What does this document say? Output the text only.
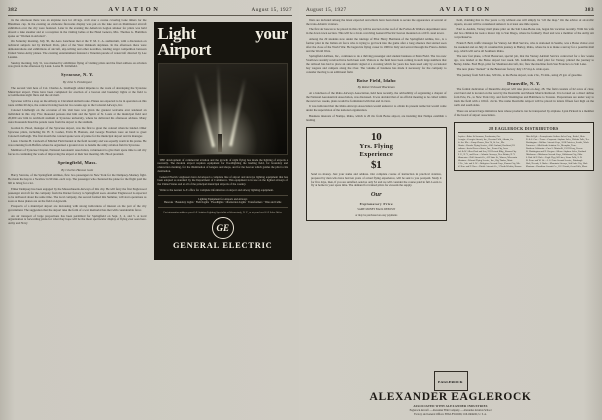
382	AVIATION	August 15, 1927

its the afternoon there was an airplane race for 40 kgs. craft over a course covering Lane timers for the Blandines cup. In the evening an elaborate fireworks display was put on the lake and an illuminated aircraft exhibition over the city were featured. Later in the evening the American Legion smoker for pilots was held aboard a lake steamer and at a reception in the visiting ladies at the Hotel Geneva, Mrs. Thomas G. Hamilton spoke on "Women in Aviation".

On Saturday morning, July 30, the Aero Luncheon met at the Y. M. C. A. auditorium, with a discussion on technical subjects led by Richard Peck, pilot of the West Oshkosh airplanes. In the afternoon there were demonstrations and exhibitions of aircraft, sky-writing and other novelties, landing target competition between United States Army planes. The evening entertainment featured a Venetian parade of watercraft directed by Lee Lauzkn.

Sunday morning, July 31, was marked by exhibition flying of visiting pilots and the final address on aviation was given in the afternoon by Lieut. Lorne H. Littlefield.

Syracuse, N. Y.
By John S. Pendergast

The second visit here of Col. Charles A. Lindbergh added impetus to the work of developing the Syracuse Municipal airport. Plans have been completed for erection of a beacon and boundary lights at the field to accommodate night fliers and the air mail.

Syracuse will be a stop on the Albany to Cleveland airmail route. Planes are expected to be in operation on this route within 60 days, the contract having been let two weeks ago to the Colonial Airways, Inc.

Colonel Lindbergh on the occasion of his visit here was given the greatest welcome ever tendered an individual in this city. Five thousand persons met him and the Spirit of St. Louis at the municipal field and 20,000 saw him in Archbold stadium at Syracuse university, where he delivered his afternoon address. Many were thousands lined the parade route from the airport to the stadium.

Gordon K. Hood, manager of the Syracuse airport, was the first to greet the colonel when he landed. Other Syracuse pilots, including Dr. H. E. Lasher, Ervin B. Hannan, and George Freeman were on hand to greet Colonel Lindbergh. The first month the colonel spoke were of praise for the municipal airport and its manager.

Lieut. Charles H. Cantwell of Mitchel Field landed at the field recently and was equally warm in his praise. He was returning from Buffalo where he organized a ground crew to handle the army aviation field in Syracuse.

Members of Syracuse Chapter, National Aeronautic association, volunteered to give their spare time to aid city forces in continuing the work of improving the airport at their last meeting. Mr. Hood presided.

Springfield, Mass.
By Charles Hanson Gale

Harry Stevens, of the Springfield Airlines, flew two passengers in New York for the Dempsey-Sharkey fight. He made the hop in a Swallow in 90 min. each way. The passenger who chartered the plane for the flight paid the bill to bring for a lot.

Elmer Dempsey has been engaged by the Massachusetts Airways of this city. He will ferry the first Englewood passenger aircraft for the company from the Darner factory to Springfield soon. Another Englewood is expected to be delivered about the same time. The local company, the second formed this Summer, will start operations as soon as these planes are on the field at Agawam.

Prospects of a municipal airport are increasing with strong indications of interest on the part of the city government. The suggestion that the airport take the form of a war memorial has met with considerable favor.

An air transport of large proportions has been permitted for Springfield on Sept. 3, 4, and 5. A local organization is forwarding plans for what they hope will be the most spectacular display of flying ever seen here. Army and Navy

Light your Airport

THE development of commercial aviation and the growth of night flying has made the lighting of airports a necessity. The modern airport requires equipment for floodlighting the landing field, for boundary and obstruction marking, for the illumination of hangars and shops, and for the beacon which guides the pilot to his destination.

General Electric engineers have developed a complete line of airport and airways lighting equipment that has been adopted as standard by the Department of Commerce. This equipment is in use on the lighted airways of the United States and at all of the principal municipal airports of the country.

Write to the nearest G-E office for complete information on airport and airway lighting equipment.

Lighting Equipment for Airports and Airways
Beacons · Boundary Lights · Field Lights · Floodlights · Obstruction Lights · Transformers · Wire and Cable
For information address your G-E Aviation Lighting Specialist at Schenectady, N. Y., or at your local G-E Sales Office
GE
GENERAL ELECTRIC
August 15, 1927	AVIATION	383

fliers are included among the latest expected and efforts have been made to secure the appearance of several of the trans-Atlantic aviators.

The first air beacon to be placed in this city will be erected on the roof of the Forbes & Wallace department store in the down town section. This will be a 24-in. revolving General Electric beacon mounted on a 60 ft. steel tower.

Among the 29 students now under the tutelage of Pilot Harry Hermann of the Springfield Airline, Inc., is a former pilot in the Italian air force who is trying to get back into the game after a long absence that started soon after the close of the World War. He began his flying career in 1909 in Italy and served through the Franco-Italian and the World Wars.

Springfield Airlines, Inc., continues to do a thriving passenger and student business at Penn Field. The two new Swallows recently received have both been sold. Visitors to the field have been coming in such large numbers that the railroad has had to place an automatic signal at a crossing which for years has been used only by occasional hay wagons and campers along the river. The volume of business has made it necessary for the company to consider moving to an additional field.

Boise Field, Idaho
By Robert Edward Blackman

At a luncheon of the Idaho Airways Association, held here recently, the advisability of organizing a chapter of the National Aeronautical Association, was discussed. It was decided that of an official meeting to be called within the next two weeks, plans would be formulated with that end in view.

It was indicated that the Idaho Airways Association would endeavor to obtain its present name but would come under the supervision of the national organization.

Business interests of Nampa, Idaho, which is 20 mi. from Boise airport, are insisting that Nampa establish a landing

10
Yrs. Flying
Experience
$1
Send no money. Just your name and address. Our complete course of instruction in practical aviation, prepared by men who have had ten years of actual flying experience, will be sent to you postpaid. Study it for five days, then, if you are satisfied, send us only $1 and we will consider the course paid in full. Learn to fly at home in your spare time. The demand for trained pilots far exceeds the supply.
Our
Explanatory Price
SAME MONEY BACK DEPOSIT
or may be purchased on easy payments

field, claiming that in five years a city without one will simply be "off the map." On the advice of air-traffic experts, an east will be considered unless it is at least one mile square.

Paul A. Andrés, Varney mail plane pilot on the Salt Lake-Boise run, began his vacation recently. With his wife and two children he took a motor trip to San Diego, where he formerly lived and was a member of the Army Air Corps Reserve.

Frank P. Bell, traffic manager for Varney Air Mail Service, who is stationed in Seattle, was a Boise visitor over the weekend and on July 21 resumed his journey to Burley, Idaho, where he is to make a survey for a possible mail stop, which will serve all Southern Idaho.

The new fast plane, a Pratt Beaucour, special job, that the Varney Airmail Service contracted for a few weeks ago, was landed at the Boise airport last week. Mr. Guildbrook, chief pilot for Varney, piloted the journey to Burley, Idaho. Fred Hoyt, pilot for Shanbaur Aircraft, Inc, flew the machine from San Francisco to Salt Lake.

The new plane "decked" at the Beaucour factory July 137 m.p.h. wide open.

The journey from Salt Lake, 320 mi., to the Boise airport, took 2 hr., 55 min., using 25 gal. of gasoline.

Deanville, N. Y.

The formal dedication of Deanville Airport will take place on Aug. 28. The field consists of 62 acres of clear, level land and is located on the west by the Deanville and Mount Morris Railroad. It is located on a direct airline from Erie, Pa., to New York City, and from Washington and Baltimore to Toronto. Preparations are under way to mark the field with a 100-ft. circle. The name Deanville Airport will be placed in letters fifteen feet high on the north and south sides.

There are several large initiatives here whose products can be transported by airplane. Lynn Pickard is a member of the board of airport association.

28 EAGLEROCK DISTRIBUTORS
Dryden—Baker & Swanson, Pocahontas, Ore.
Georgia—Georgia Aircraft, Inc., Decatur Field, Atlanta, Ga.
St. Jos. Mo.—Camp Chance, Box 74, St. Jos., Mo.
Illinois—Brooks Flying Service, 4141 Garland, Rockford, Ill.
Indiana—Irwin-Hoover Stores, Inc., Evans City, Iowa
Ind. & W. Allen-Clark and Son, 911 Detroit Bldg., Kansas City
N. E., N. Y., and Penn.—Atlantic Airways, New Britain, N. Y.
Minnesota—Hall Aircraft Co., 412 State St., Warren, Wisconsin
Montana—Edward Flying Service, Inc., Big Timber, Mont.
J. No., Ark. and S. W.—Bridgeton Aircraft Corp., Kansas City, Mo.
W. Kan. and N. Kan.—Hinkle Aircraft Co., 3 North Wichita, Kansas
Ohio & Pgh.—Pennsylvania Airlines Sales Corp., Bethel, Ohio.
N. & S. Car.—Texas—Corporate Airplane Sales, Wichita Falls, Tex.
Washington—Wallace Aircraft Corp., 1818 Fairview, Seattle, Wash.
Tennessee—Mid-South Aviation Co., Memphis, Tenn.
Northern California—Cmr. L. Marinelli, 1519 B'way, Fresno
W. Washington and N. Oregon—Moore Airplane Sales, Portland
Oklahoma—Oklahoma Aircraft Corp., Oklahoma City, Okla.
S. Dak. & N. Dak.—Eagle Flyg All Lines, Sioux Falls, S. D.
W. Penn. and W. Va.—J. S. Penn Aircraft Service, Pittsburgh
Utah, Nevada, S. Idaho—Mountain Airways, Salt Lake City, Utah
Montana—Hamilton Aircraft Co., 1112 Fourth, Great Falls, Mont.
EAGLEROCK
ALEXANDER EAGLEROCK
ASSOCIATED WITH ALEXANDER INDUSTRIES
Eaglerock Aircraft — Alexander Film Company — Alexander Aviation School
Factory and General Offices: ENGLEWOOD, COLORADO, U. S. A.
